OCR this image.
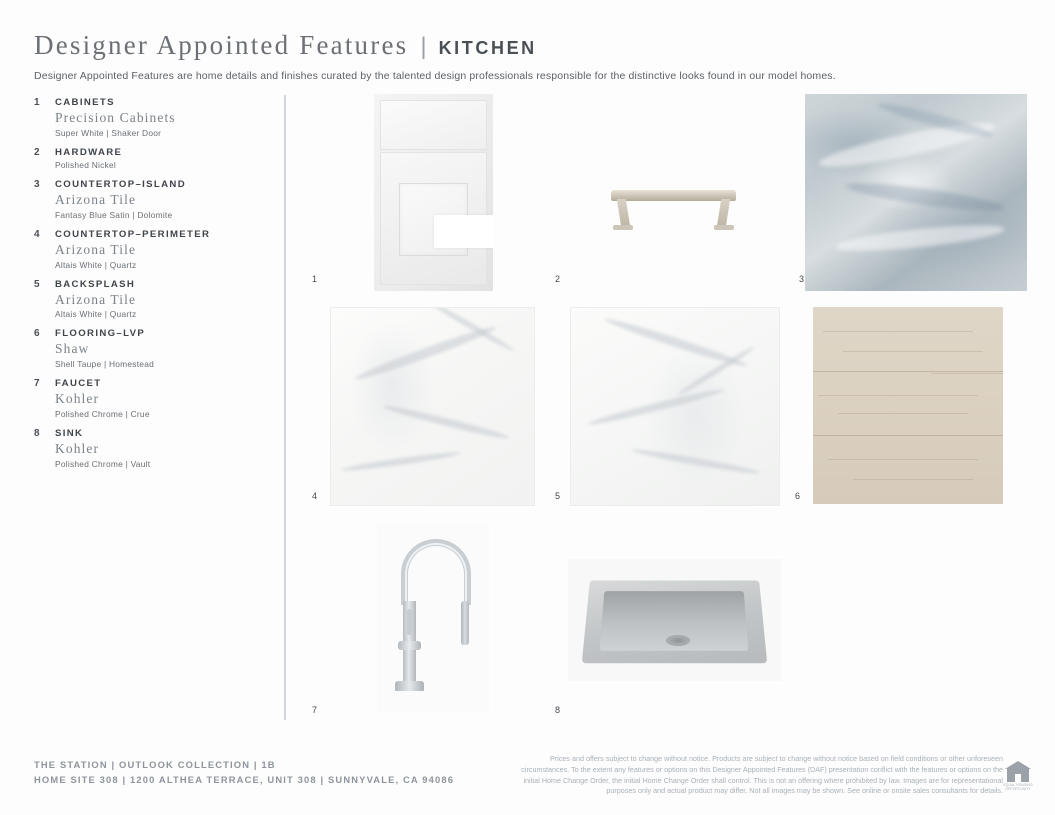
Designer Appointed Features | KITCHEN
Designer Appointed Features are home details and finishes curated by the talented design professionals responsible for the distinctive looks found in our model homes.
1 CABINETS
Precision Cabinets
Super White | Shaker Door
2 HARDWARE
Polished Nickel
3 COUNTERTOP–ISLAND
Arizona Tile
Fantasy Blue Satin | Dolomite
4 COUNTERTOP–PERIMETER
Arizona Tile
Altais White | Quartz
5 BACKSPLASH
Arizona Tile
Altais White | Quartz
6 FLOORING–LVP
Shaw
Shell Taupe | Homestead
7 FAUCET
Kohler
Polished Chrome | Crue
8 SINK
Kohler
Polished Chrome | Vault
1	2	3
4	5	6
7	8
THE STATION | OUTLOOK COLLECTION | 1B
HOME SITE 308 | 1200 ALTHEA TERRACE, UNIT 308 | SUNNYVALE, CA 94086
Prices and offers subject to change without notice. Products are subject to change without notice based on field conditions or other unforeseen circumstances. To the extent any features or options on this Designer Appointed Features (DAF) presentation conflict with the features or options on the initial Home Change Order, the initial Home Change Order shall control. This is not an offering where prohibited by law. Images are for representational purposes only and actual product may differ. Not all images may be shown. See online or onsite sales consultants for details.
EQUAL HOUSING OPPORTUNITY
